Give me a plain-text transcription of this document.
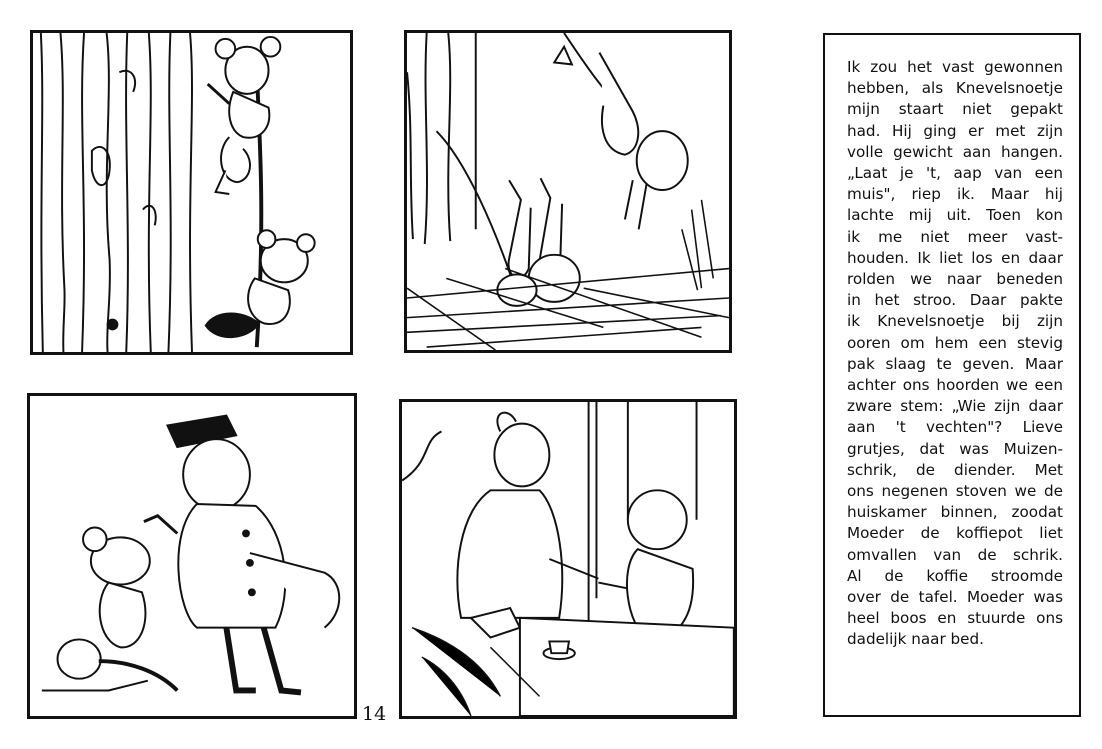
14
Ik zou het vast gewonnen
hebben, als Knevelsnoetje
mijn staart niet gepakt
had. Hij ging er met zijn
volle gewicht aan hangen.
„Laat je 't, aap van een
muis", riep ik. Maar hij
lachte mij uit. Toen kon
ik me niet meer vast-
houden. Ik liet los en daar
rolden we naar beneden
in het stroo. Daar pakte
ik Knevelsnoetje bij zijn
ooren om hem een stevig
pak slaag te geven. Maar
achter ons hoorden we een
zware stem: „Wie zijn daar
aan 't vechten"? Lieve
grutjes, dat was Muizen-
schrik, de diender. Met
ons negenen stoven we de
huiskamer binnen, zoodat
Moeder de koffiepot liet
omvallen van de schrik.
Al de koffie stroomde
over de tafel. Moeder was
heel boos en stuurde ons
dadelijk naar bed.
